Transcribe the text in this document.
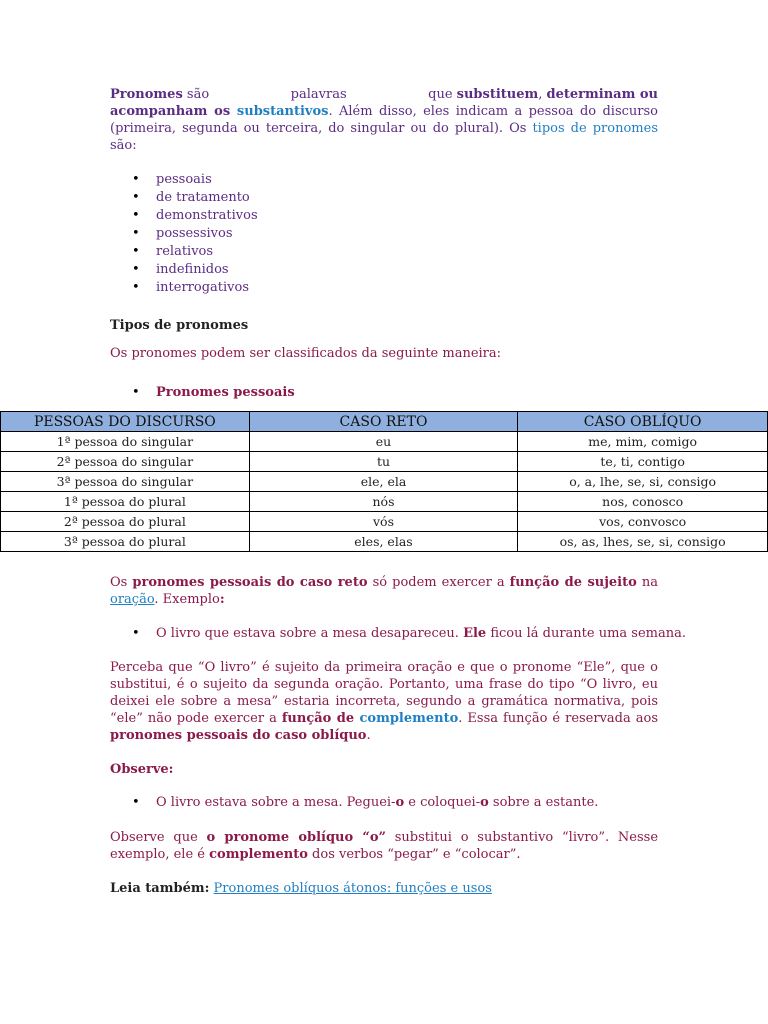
Pronomes são	palavras	que substituem, determinam ou
acompanham os substantivos. Além disso, eles indicam a pessoa do discurso (primeira, segunda ou terceira, do singular ou do plural). Os tipos de pronomes são:
• pessoais
• de tratamento
• demonstrativos
• possessivos
• relativos
• indefinidos
• interrogativos
Tipos de pronomes
Os pronomes podem ser classificados da seguinte maneira:
• Pronomes pessoais
PESSOAS DO DISCURSO	CASO RETO	CASO OBLÍQUO
1ª pessoa do singular	eu	me, mim, comigo
2ª pessoa do singular	tu	te, ti, contigo
3ª pessoa do singular	ele, ela	o, a, lhe, se, si, consigo
1ª pessoa do plural	nós	nos, conosco
2ª pessoa do plural	vós	vos, convosco
3ª pessoa do plural	eles, elas	os, as, lhes, se, si, consigo
Os pronomes pessoais do caso reto só podem exercer a função de sujeito na oração. Exemplo:
• O livro que estava sobre a mesa desapareceu. Ele ficou lá durante uma semana.
Perceba que “O livro” é sujeito da primeira oração e que o pronome “Ele”, que o substitui, é o sujeito da segunda oração. Portanto, uma frase do tipo “O livro, eu deixei ele sobre a mesa” estaria incorreta, segundo a gramática normativa, pois “ele” não pode exercer a função de complemento. Essa função é reservada aos pronomes pessoais do caso oblíquo.
Observe:
• O livro estava sobre a mesa. Peguei-o e coloquei-o sobre a estante.
Observe que o pronome oblíquo “o” substitui o substantivo “livro”. Nesse exemplo, ele é complemento dos verbos “pegar” e “colocar”.
Leia também: Pronomes oblíquos átonos: funções e usos
